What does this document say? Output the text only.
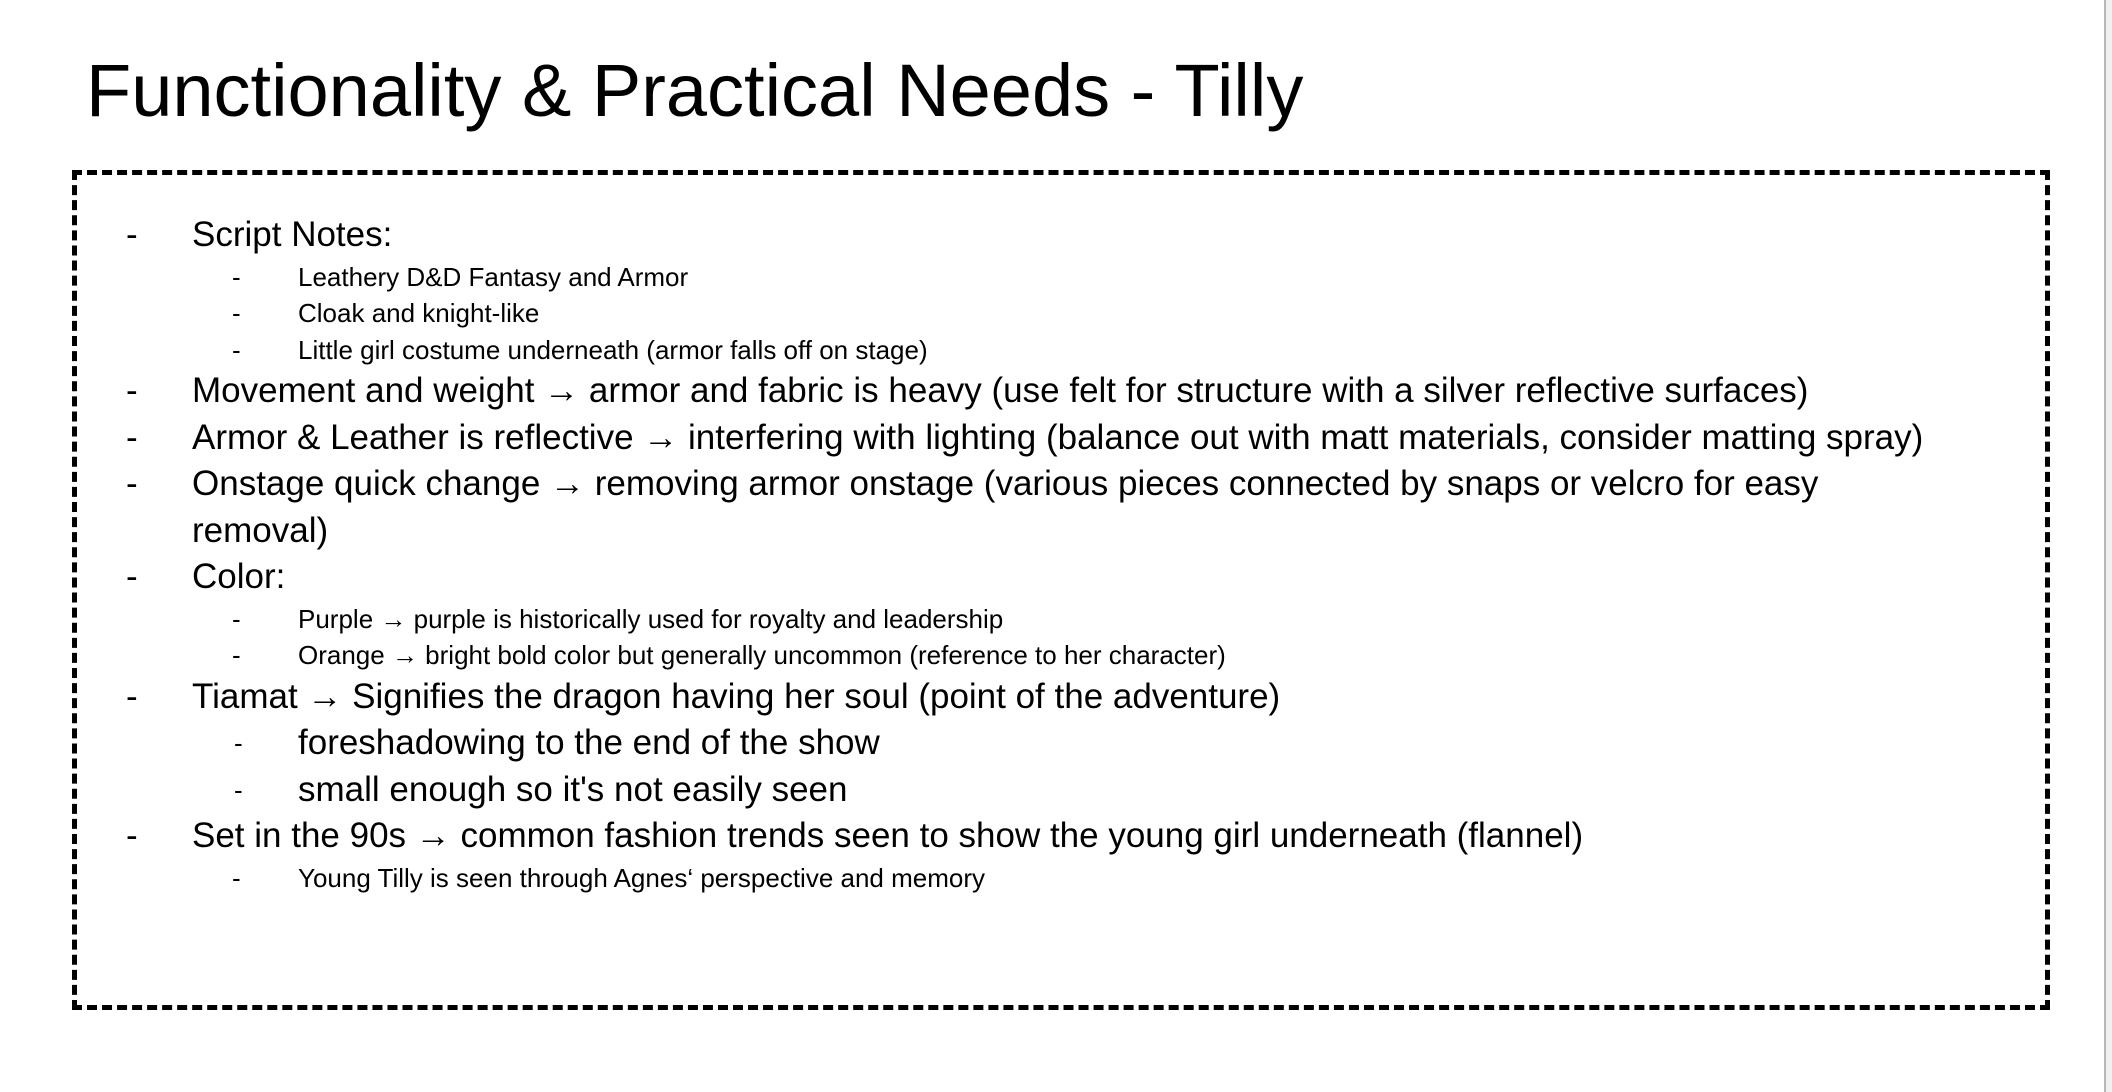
Functionality & Practical Needs - Tilly
- Script Notes:
- Leathery D&D Fantasy and Armor
- Cloak and knight-like
- Little girl costume underneath (armor falls off on stage)
- Movement and weight → armor and fabric is heavy (use felt for structure with a silver reflective surfaces)
- Armor & Leather is reflective → interfering with lighting (balance out with matt materials, consider matting spray)
- Onstage quick change → removing armor onstage (various pieces connected by snaps or velcro for easy removal)
- Color:
- Purple → purple is historically used for royalty and leadership
- Orange → bright bold color but generally uncommon (reference to her character)
- Tiamat → Signifies the dragon having her soul (point of the adventure)
- foreshadowing to the end of the show
- small enough so it's not easily seen
- Set in the 90s → common fashion trends seen to show the young girl underneath (flannel)
- Young Tilly is seen through Agnes‘ perspective and memory
